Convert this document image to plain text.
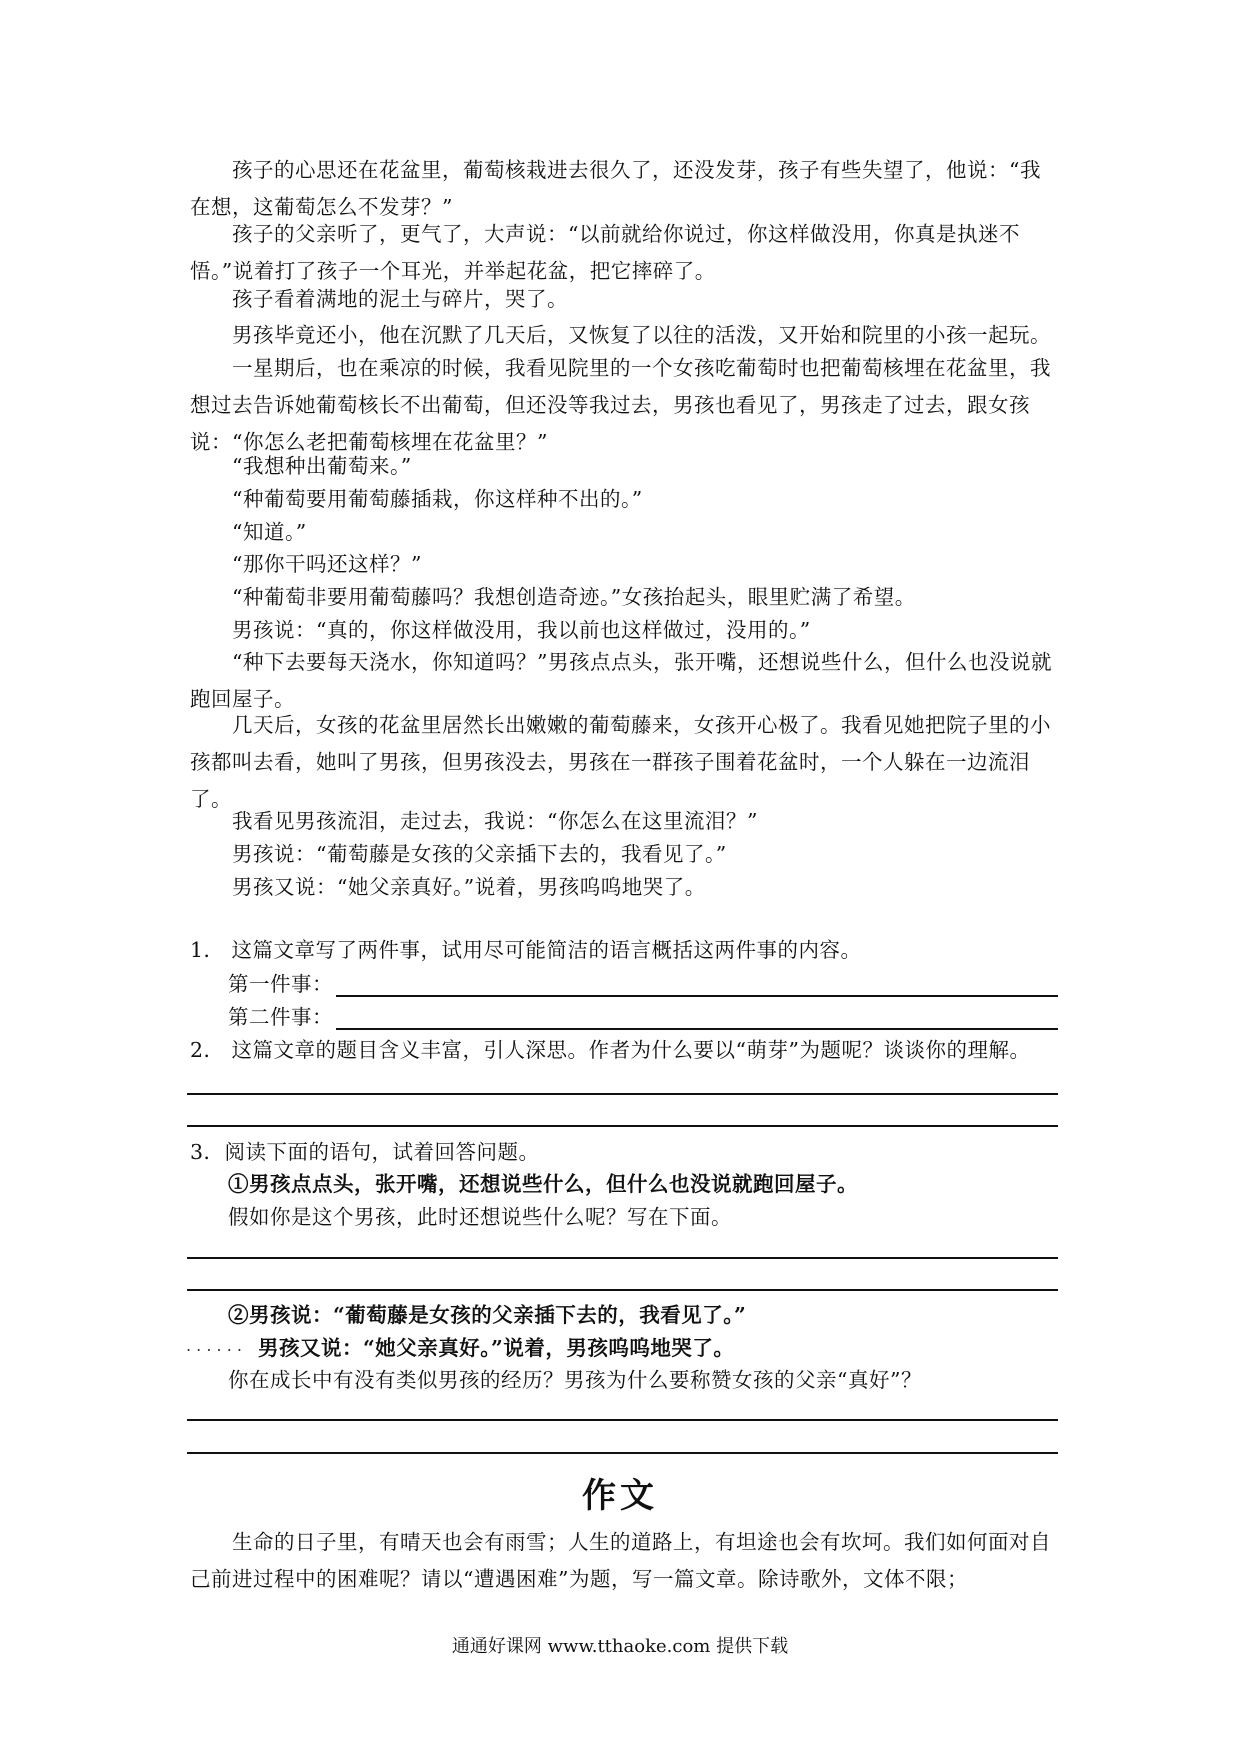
孩子的心思还在花盆里，葡萄核栽进去很久了，还没发芽，孩子有些失望了，他说：“我在想，这葡萄怎么不发芽？”

孩子的父亲听了，更气了，大声说：“以前就给你说过，你这样做没用，你真是执迷不悟。”说着打了孩子一个耳光，并举起花盆，把它摔碎了。

孩子看着满地的泥土与碎片，哭了。

男孩毕竟还小，他在沉默了几天后，又恢复了以往的活泼，又开始和院里的小孩一起玩。

一星期后，也在乘凉的时候，我看见院里的一个女孩吃葡萄时也把葡萄核埋在花盆里，我想过去告诉她葡萄核长不出葡萄，但还没等我过去，男孩也看见了，男孩走了过去，跟女孩说：“你怎么老把葡萄核埋在花盆里？”

“我想种出葡萄来。”

“种葡萄要用葡萄藤插栽，你这样种不出的。”

“知道。”

“那你干吗还这样？”

“种葡萄非要用葡萄藤吗？我想创造奇迹。”女孩抬起头，眼里贮满了希望。

男孩说：“真的，你这样做没用，我以前也这样做过，没用的。”

“种下去要每天浇水，你知道吗？”男孩点点头，张开嘴，还想说些什么，但什么也没说就跑回屋子。

几天后，女孩的花盆里居然长出嫩嫩的葡萄藤来，女孩开心极了。我看见她把院子里的小孩都叫去看，她叫了男孩，但男孩没去，男孩在一群孩子围着花盆时，一个人躲在一边流泪了。

我看见男孩流泪，走过去，我说：“你怎么在这里流泪？”

男孩说：“葡萄藤是女孩的父亲插下去的，我看见了。”

男孩又说：“她父亲真好。”说着，男孩呜呜地哭了。

1． 这篇文章写了两件事，试用尽可能简洁的语言概括这两件事的内容。

第一件事：

第二件事：

2． 这篇文章的题目含义丰富，引人深思。作者为什么要以“萌芽”为题呢？谈谈你的理解。

3．阅读下面的语句，试着回答问题。

①男孩点点头，张开嘴，还想说些什么，但什么也没说就跑回屋子。

假如你是这个男孩，此时还想说些什么呢？写在下面。

②男孩说：“葡萄藤是女孩的父亲插下去的，我看见了。”

. . . . . . 男孩又说：“她父亲真好。”说着，男孩呜呜地哭了。

你在成长中有没有类似男孩的经历？男孩为什么要称赞女孩的父亲“真好”？

作文

生命的日子里，有晴天也会有雨雪；人生的道路上，有坦途也会有坎坷。我们如何面对自己前进过程中的困难呢？请以“遭遇困难”为题，写一篇文章。除诗歌外，文体不限；

通通好课网 www.tthaoke.com 提供下载
